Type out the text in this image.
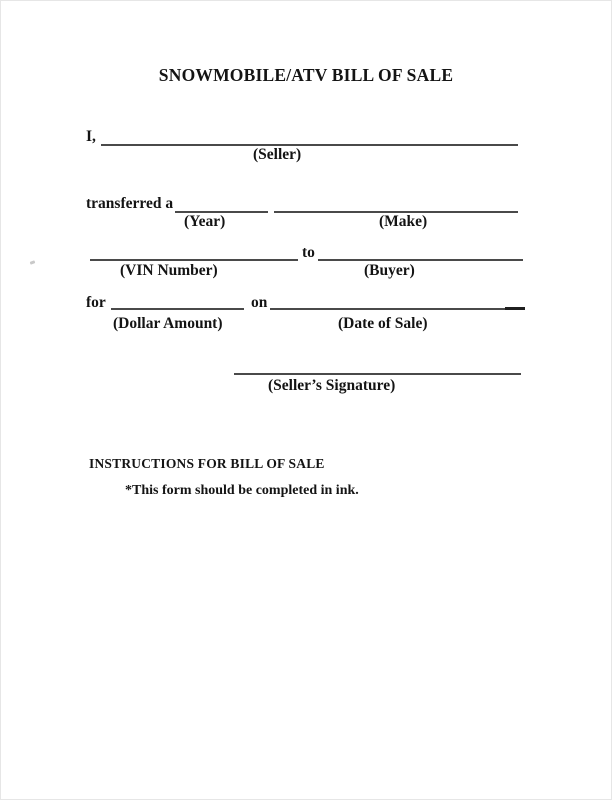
SNOWMOBILE/ATV BILL OF SALE
I,
(Seller)
transferred a
(Year)	(Make)
to
(VIN Number)	(Buyer)
for	on
(Dollar Amount)	(Date of Sale)
(Seller’s Signature)
INSTRUCTIONS FOR BILL OF SALE
*This form should be completed in ink.
